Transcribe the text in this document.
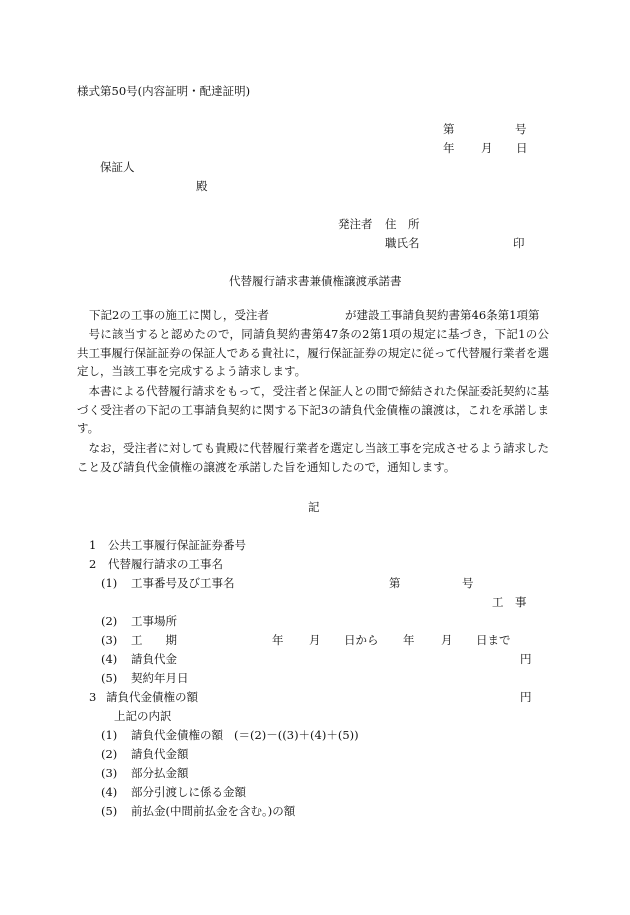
様式第50号(内容証明・配達証明)
第	号
年 月 日
保証人
殿
発注者 住　所
職氏名	印
代替履行請求書兼債権譲渡承諾書
下記2の工事の施工に関し，受注者	が建設工事請負契約書第46条第1項第
号に該当すると認めたので，同請負契約書第47条の2第1項の規定に基づき，下記1の公共工事履行保証証券の保証人である貴社に，履行保証証券の規定に従って代替履行業者を選定し，当該工事を完成するよう請求します。

本書による代替履行請求をもって，受注者と保証人との間で締結された保証委託契約に基づく受注者の下記の工事請負契約に関する下記3の請負代金債権の譲渡は，これを承諾します。

なお，受注者に対しても貴殿に代替履行業者を選定し当該工事を完成させるよう請求したこと及び請負代金債権の譲渡を承諾した旨を通知したので，通知します。

記
1 公共工事履行保証証券番号
2 代替履行請求の工事名
(1) 工事番号及び工事名	第	号
工　事
(2) 工事場所
(3) 工　　期	年 月 日から 年 月 日まで
(4) 請負代金	円
(5) 契約年月日
3 請負代金債権の額	円
上記の内訳
(1) 請負代金債権の額 (＝(2)－((3)＋(4)＋(5))
(2) 請負代金額
(3) 部分払金額
(4) 部分引渡しに係る金額
(5) 前払金(中間前払金を含む。)の額
